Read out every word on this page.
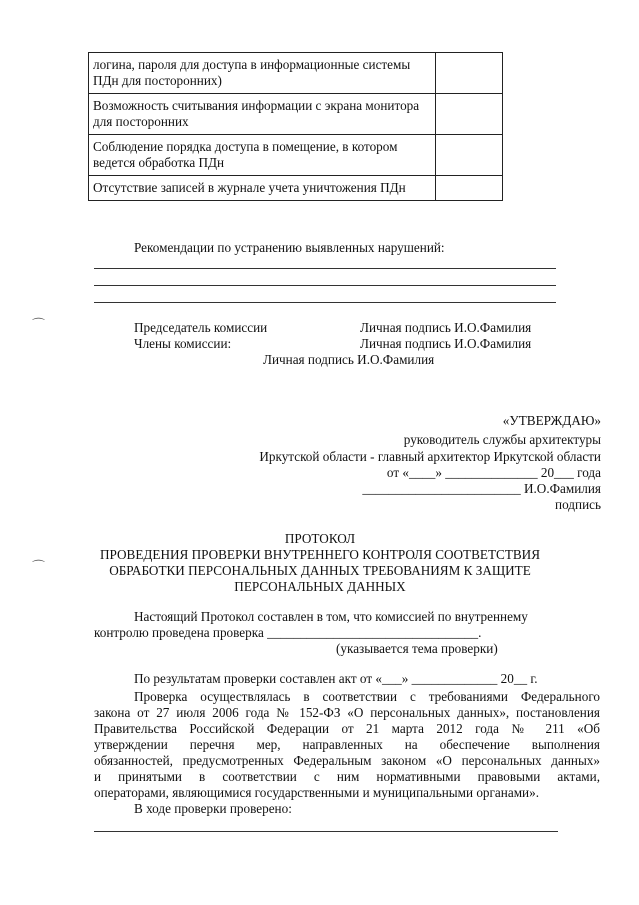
логина, пароля для доступа в информационные системы ПДн для посторонних)	
Возможность считывания информации с экрана монитора для посторонних	
Соблюдение порядка доступа в помещение, в котором ведется обработка ПДн	
Отсутствие записей в журнале учета уничтожения ПДн	
Рекомендации по устранению выявленных нарушений:
⌒
⌒
Председатель комиссии	Личная подпись И.О.Фамилия
Члены комиссии:	Личная подпись И.О.Фамилия
Личная подпись И.О.Фамилия
«УТВЕРЖДАЮ»
руководитель службы архитектуры
Иркутской области - главный архитектор Иркутской области
от «____» ______________ 20___ года
________________________ И.О.Фамилия
подпись
ПРОТОКОЛ
ПРОВЕДЕНИЯ ПРОВЕРКИ ВНУТРЕННЕГО КОНТРОЛЯ СООТВЕТСТВИЯ
ОБРАБОТКИ ПЕРСОНАЛЬНЫХ ДАННЫХ ТРЕБОВАНИЯМ К ЗАЩИТЕ
ПЕРСОНАЛЬНЫХ ДАННЫХ
Настоящий Протокол составлен в том, что комиссией по внутреннему
контролю проведена проверка ________________________________.
(указывается тема проверки)
По результатам проверки составлен акт от «___» _____________ 20__ г.
Проверка осуществлялась в соответствии с требованиями Федерального
закона от 27 июля 2006 года № 152-ФЗ «О персональных данных», постановления
Правительства Российской Федерации от 21 марта 2012 года № 211 «Об
утверждении перечня мер, направленных на обеспечение выполнения
обязанностей, предусмотренных Федеральным законом «О персональных данных»
и принятыми в соответствии с ним нормативными правовыми актами,
операторами, являющимися государственными и муниципальными органами».
В ходе проверки проверено:
